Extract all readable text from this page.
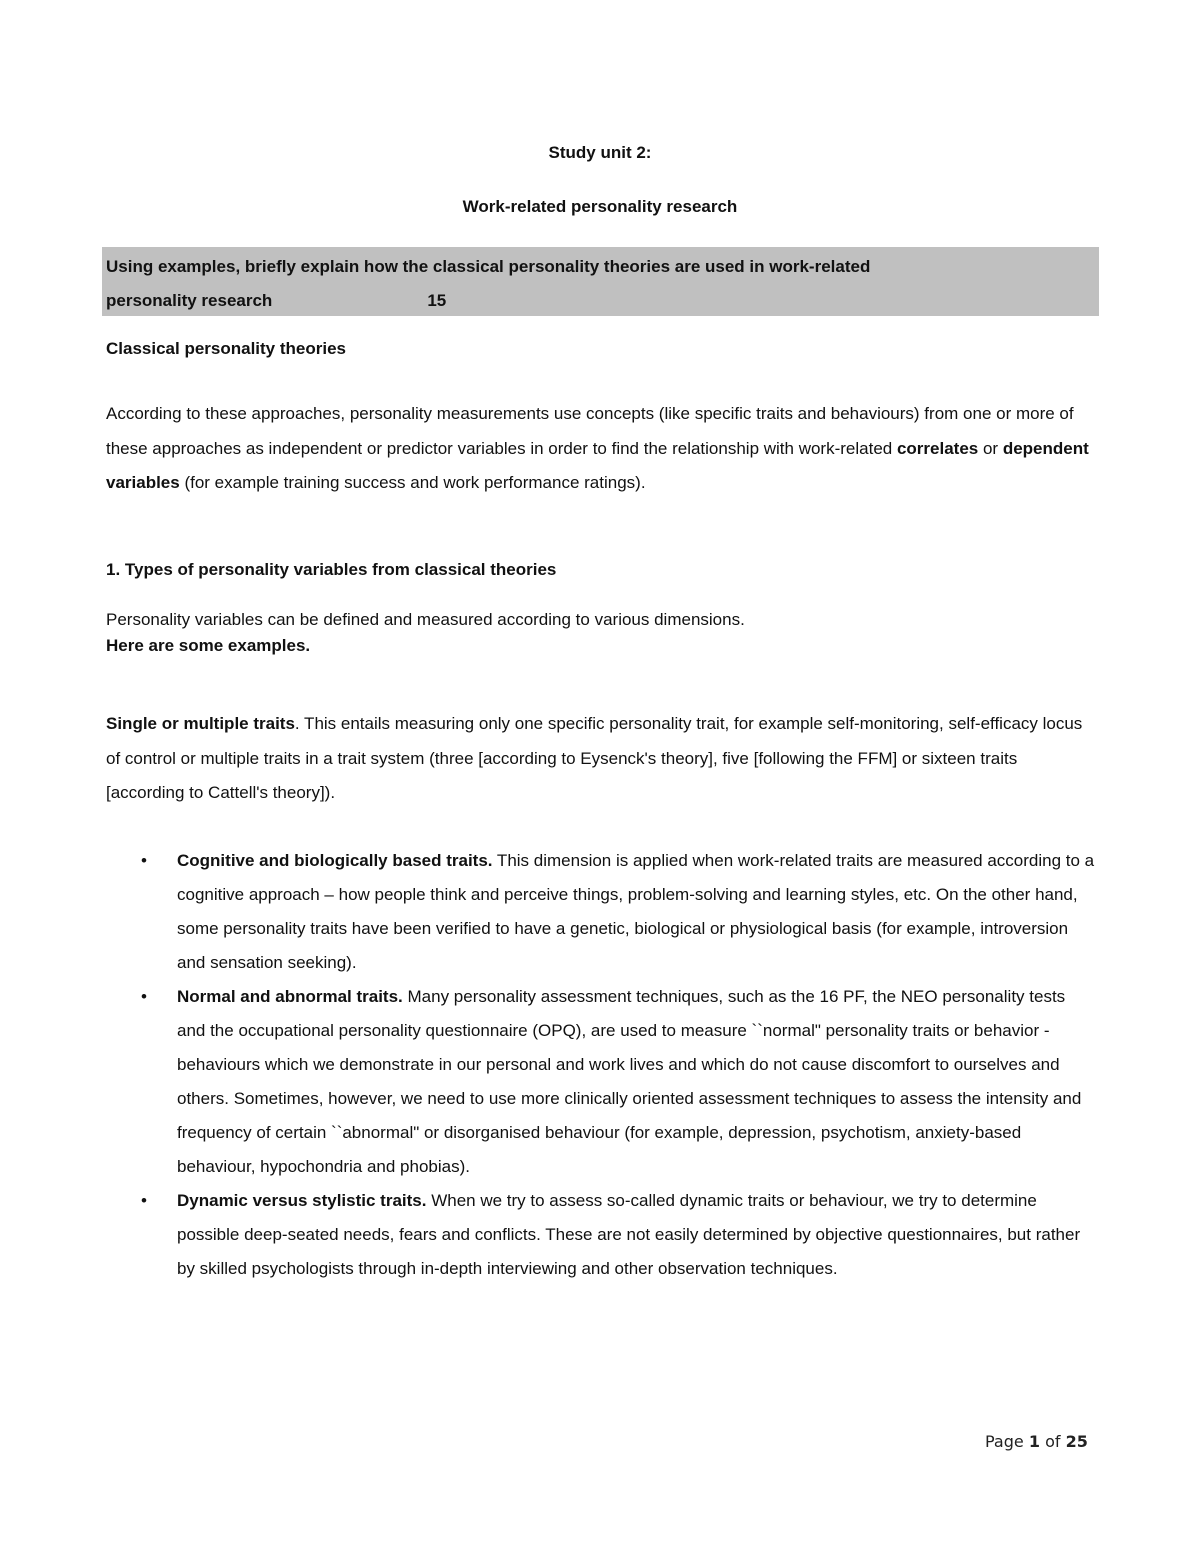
Study unit 2:
Work-related personality research
Using examples, briefly explain how the classical personality theories are used in work-related
personality research	15
Classical personality theories
According to these approaches, personality measurements use concepts (like specific traits and behaviours) from one or more of these approaches as independent or predictor variables in order to find the relationship with work-related correlates or dependent variables (for example training success and work performance ratings).
1. Types of personality variables from classical theories
Personality variables can be defined and measured according to various dimensions.
Here are some examples.
Single or multiple traits. This entails measuring only one specific personality trait, for example self-monitoring, self-efficacy locus of control or multiple traits in a trait system (three [according to Eysenck's theory], five [following the FFM] or sixteen traits [according to Cattell's theory]).
• Cognitive and biologically based traits. This dimension is applied when work-related traits are measured according to a cognitive approach – how people think and perceive things, problem-solving and learning styles, etc. On the other hand, some personality traits have been verified to have a genetic, biological or physiological basis (for example, introversion and sensation seeking).
• Normal and abnormal traits. Many personality assessment techniques, such as the 16 PF, the NEO personality tests and the occupational personality questionnaire (OPQ), are used to measure ``normal" personality traits or behavior - behaviours which we demonstrate in our personal and work lives and which do not cause discomfort to ourselves and others. Sometimes, however, we need to use more clinically oriented assessment techniques to assess the intensity and frequency of certain ``abnormal" or disorganised behaviour (for example, depression, psychotism, anxiety-based behaviour, hypochondria and phobias).
• Dynamic versus stylistic traits. When we try to assess so-called dynamic traits or behaviour, we try to determine possible deep-seated needs, fears and conflicts. These are not easily determined by objective questionnaires, but rather by skilled psychologists through in-depth interviewing and other observation techniques.
Page 1 of 25
